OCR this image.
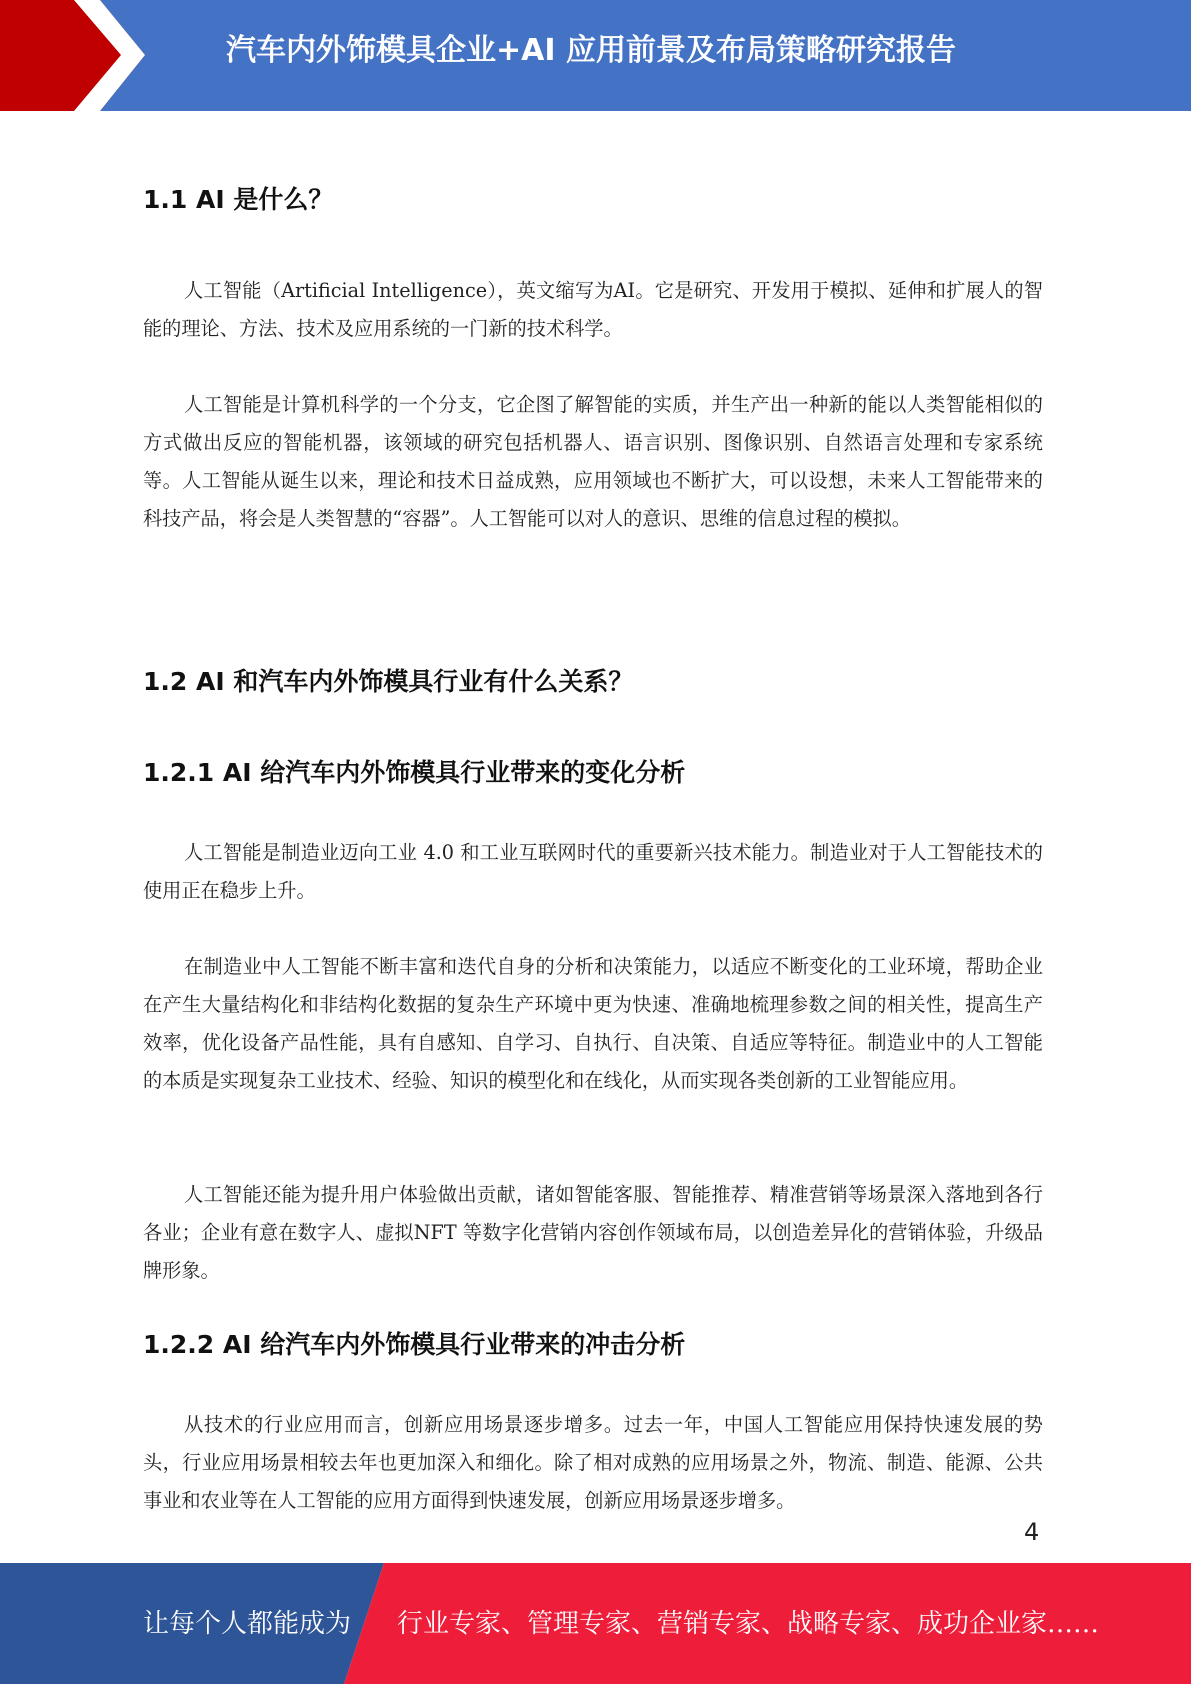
汽车内外饰模具企业+AI 应用前景及布局策略研究报告
1.1 AI 是什么？

人工智能（Artificial Intelligence），英文缩写为AI。它是研究、开发用于模拟、延伸和扩展人的智能的理论、方法、技术及应用系统的一门新的技术科学。

人工智能是计算机科学的一个分支，它企图了解智能的实质，并生产出一种新的能以人类智能相似的方式做出反应的智能机器，该领域的研究包括机器人、语言识别、图像识别、自然语言处理和专家系统等。人工智能从诞生以来，理论和技术日益成熟，应用领域也不断扩大，可以设想，未来人工智能带来的科技产品，将会是人类智慧的“容器”。人工智能可以对人的意识、思维的信息过程的模拟。

1.2 AI 和汽车内外饰模具行业有什么关系？
1.2.1 AI 给汽车内外饰模具行业带来的变化分析

人工智能是制造业迈向工业 4.0 和工业互联网时代的重要新兴技术能力。制造业对于人工智能技术的使用正在稳步上升。

在制造业中人工智能不断丰富和迭代自身的分析和决策能力，以适应不断变化的工业环境，帮助企业在产生大量结构化和非结构化数据的复杂生产环境中更为快速、准确地梳理参数之间的相关性，提高生产效率，优化设备产品性能，具有自感知、自学习、自执行、自决策、自适应等特征。制造业中的人工智能的本质是实现复杂工业技术、经验、知识的模型化和在线化，从而实现各类创新的工业智能应用。

人工智能还能为提升用户体验做出贡献，诸如智能客服、智能推荐、精准营销等场景深入落地到各行各业；企业有意在数字人、虚拟NFT 等数字化营销内容创作领域布局，以创造差异化的营销体验，升级品牌形象。

1.2.2 AI 给汽车内外饰模具行业带来的冲击分析

从技术的行业应用而言，创新应用场景逐步增多。过去一年，中国人工智能应用保持快速发展的势头，行业应用场景相较去年也更加深入和细化。除了相对成熟的应用场景之外，物流、制造、能源、公共事业和农业等在人工智能的应用方面得到快速发展，创新应用场景逐步增多。

4
让每个人都能成为 行业专家、管理专家、营销专家、战略专家、成功企业家……
